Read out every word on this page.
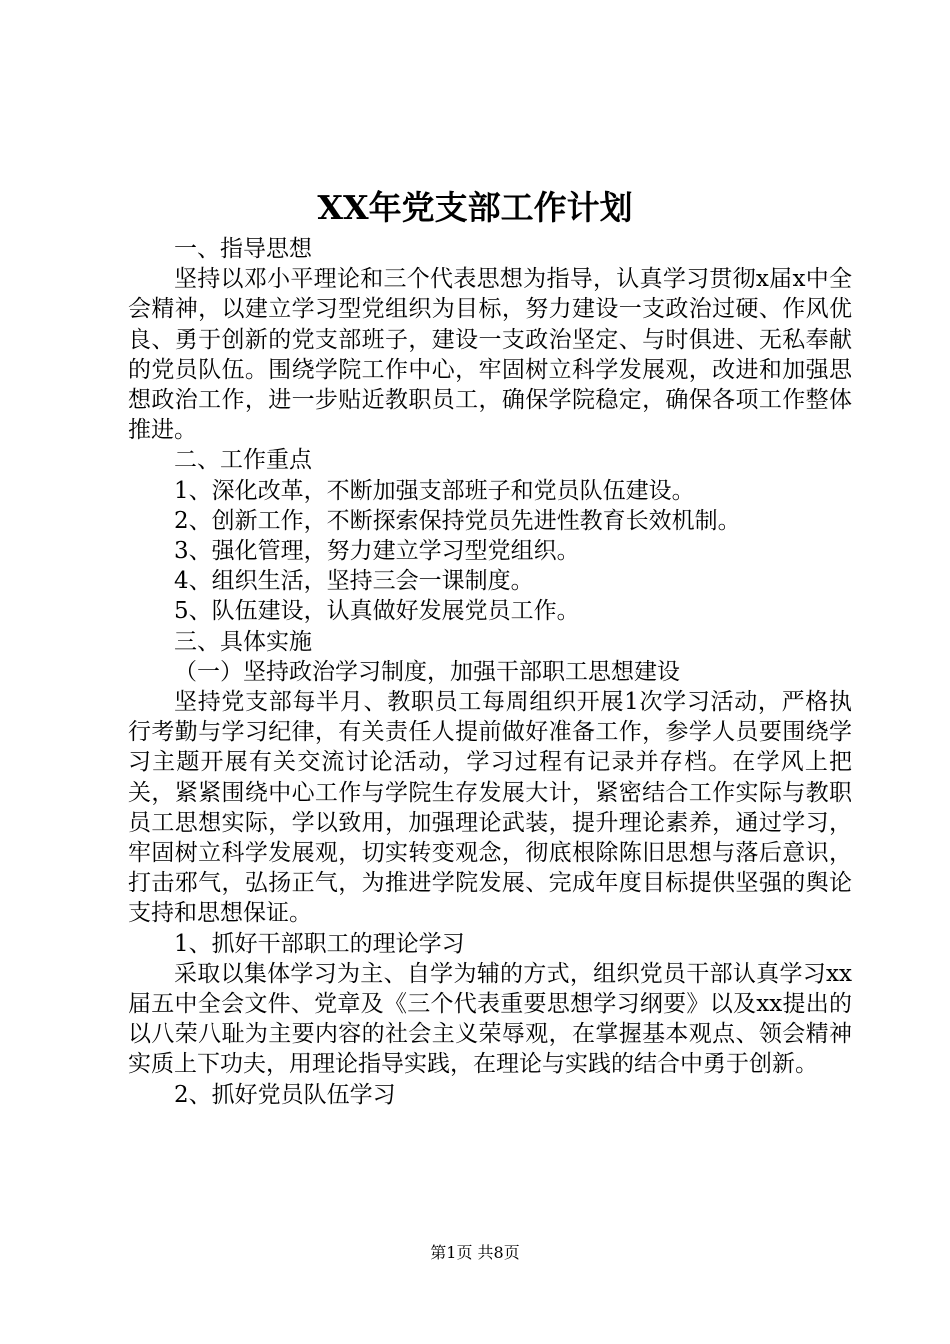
XX年党支部工作计划

一、指导思想

坚持以邓小平理论和三个代表思想为指导，认真学习贯彻x届x中全会精神，以建立学习型党组织为目标，努力建设一支政治过硬、作风优良、勇于创新的党支部班子，建设一支政治坚定、与时俱进、无私奉献的党员队伍。围绕学院工作中心，牢固树立科学发展观，改进和加强思想政治工作，进一步贴近教职员工，确保学院稳定，确保各项工作整体推进。

二、工作重点

1、深化改革，不断加强支部班子和党员队伍建设。

2、创新工作，不断探索保持党员先进性教育长效机制。

3、强化管理，努力建立学习型党组织。

4、组织生活，坚持三会一课制度。

5、队伍建设，认真做好发展党员工作。

三、具体实施

（一）坚持政治学习制度，加强干部职工思想建设

坚持党支部每半月、教职员工每周组织开展1次学习活动，严格执行考勤与学习纪律，有关责任人提前做好准备工作，参学人员要围绕学习主题开展有关交流讨论活动，学习过程有记录并存档。在学风上把关，紧紧围绕中心工作与学院生存发展大计，紧密结合工作实际与教职员工思想实际，学以致用，加强理论武装，提升理论素养，通过学习，牢固树立科学发展观，切实转变观念，彻底根除陈旧思想与落后意识，打击邪气，弘扬正气，为推进学院发展、完成年度目标提供坚强的舆论支持和思想保证。

1、抓好干部职工的理论学习

采取以集体学习为主、自学为辅的方式，组织党员干部认真学习xx届五中全会文件、党章及《三个代表重要思想学习纲要》以及xx提出的以八荣八耻为主要内容的社会主义荣辱观，在掌握基本观点、领会精神实质上下功夫，用理论指导实践，在理论与实践的结合中勇于创新。

2、抓好党员队伍学习

第1页 共8页
